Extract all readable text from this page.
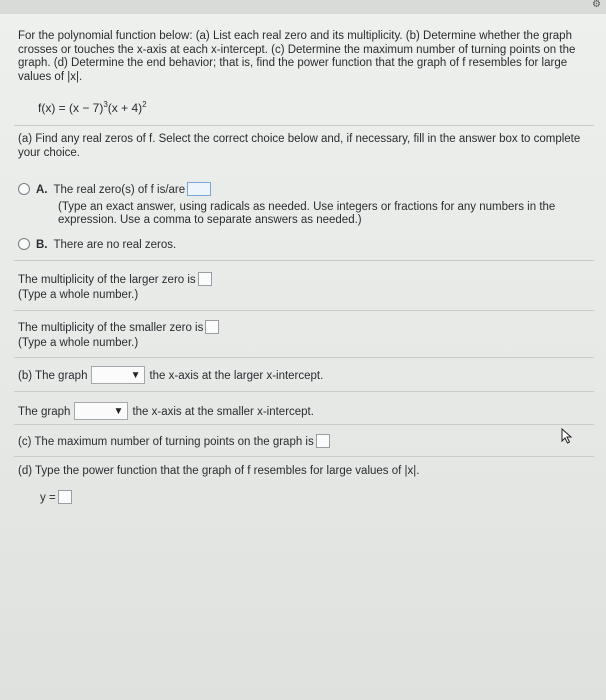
⚙
For the polynomial function below: (a) List each real zero and its multiplicity. (b) Determine whether the graph crosses or touches the x-axis at each x-intercept. (c) Determine the maximum number of turning points on the graph. (d) Determine the end behavior; that is, find the power function that the graph of f resembles for large values of |x|.
$f(x) = (x - 7)^3(x + 4)^2$
(a) Find any real zeros of f. Select the correct choice below and, if necessary, fill in the answer box to complete your choice.
A. The real zero(s) of f is/are
(Type an exact answer, using radicals as needed. Use integers or fractions for any numbers in the expression. Use a comma to separate answers as needed.)
B. There are no real zeros.
The multiplicity of the larger zero is
(Type a whole number.)
The multiplicity of the smaller zero is
(Type a whole number.)
(b) The graph	▼ the x-axis at the larger x-intercept.
The graph	▼ the x-axis at the smaller x-intercept.
(c) The maximum number of turning points on the graph is
(d) Type the power function that the graph of f resembles for large values of |x|.
y =
